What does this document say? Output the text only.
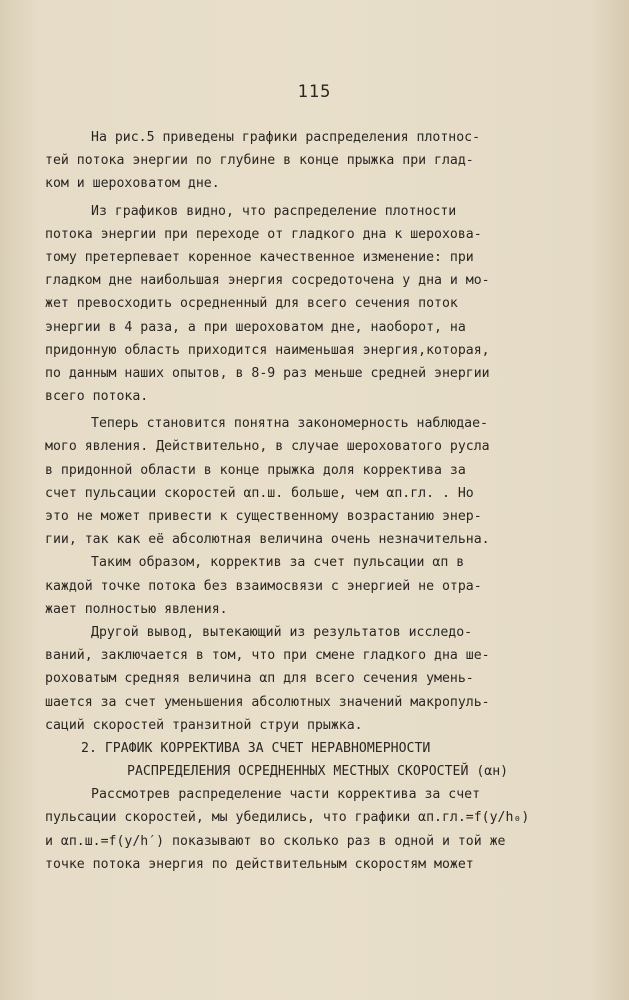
115
На рис.5 приведены графики распределения плотнос-
тей потока энергии по глубине в конце прыжка при глад-
ком и шероховатом дне.
Из графиков видно, что распределение плотности
потока энергии при переходе от гладкого дна к шероховa-
тому претерпевает коренное качественное изменение: при
гладком дне наибольшая энергия сосредоточена у дна и мо-
жет превосходить осредненный для всего сечения поток
энергии в 4 раза, а при шероховатом дне, наоборот, на
придонную область приходится наименьшая энергия,которая,
по данным наших опытов, в 8-9 раз меньше средней энергии
всего потока.
Теперь становится понятна закономерность наблюдае-
мого явления. Действительно, в случае шероховатого русла
в придонной области в конце прыжка доля корректива за
счет пульсации скоростей αп.ш. больше, чем αп.гл. . Но
это не может привести к существенному возрастанию энер-
гии, так как её абсолютная величина очень незначительна.
Таким образом, корректив за счет пульсации αп в
каждой точке потока без взаимосвязи с энергией не отра-
жает полностью явления.
Другой вывод, вытекающий из результатов исследо-
ваний, заключается в том, что при смене гладкого дна ше-
роховатым средняя величина αп для всего сечения умень-
шается за счет уменьшения абсолютных значений макропуль-
саций скоростей транзитной струи прыжка.
2. ГРАФИК КОРРЕКТИВА ЗА СЧЕТ НЕРАВНОМЕРНОСТИ
РАСПРЕДЕЛЕНИЯ ОСРЕДНЕННЫХ МЕСТНЫХ СКОРОСТЕЙ (αн)
Рассмотрев распределение части корректива за счет
пульсации скоростей, мы убедились, что графики αп.гл.=f(y/h₀)
и αп.ш.=f(y/h′) показывают во сколько раз в одной и той же
точке потока энергия по действительным скоростям может
